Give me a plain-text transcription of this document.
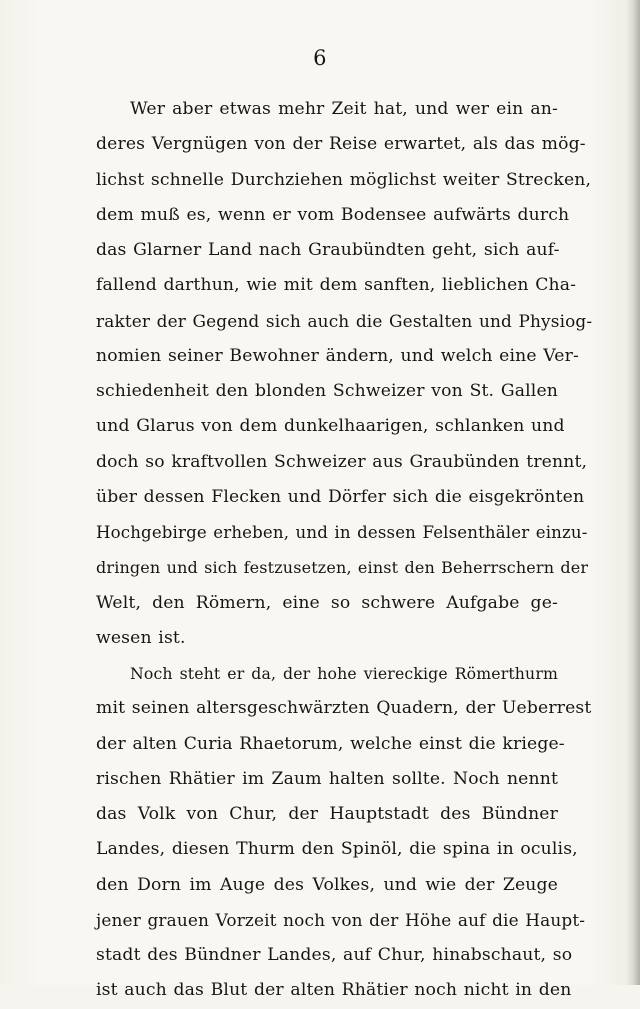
6
Wer aber etwas mehr Zeit hat, und wer ein an-
deres Vergnügen von der Reise erwartet, als das mög-
lichst schnelle Durchziehen möglichst weiter Strecken,
dem muß es, wenn er vom Bodensee aufwärts durch
das Glarner Land nach Graubündten geht, sich auf-
fallend darthun, wie mit dem sanften, lieblichen Cha-
rakter der Gegend sich auch die Gestalten und Physiog-
nomien seiner Bewohner ändern, und welch eine Ver-
schiedenheit den blonden Schweizer von St. Gallen
und Glarus von dem dunkelhaarigen, schlanken und
doch so kraftvollen Schweizer aus Graubünden trennt,
über dessen Flecken und Dörfer sich die eisgekrönten
Hochgebirge erheben, und in dessen Felsenthäler einzu-
dringen und sich festzusetzen, einst den Beherrschern der
Welt, den Römern, eine so schwere Aufgabe ge-
wesen ist.
Noch steht er da, der hohe viereckige Römerthurm
mit seinen altersgeschwärzten Quadern, der Ueberrest
der alten Curia Rhaetorum, welche einst die kriege-
rischen Rhätier im Zaum halten sollte. Noch nennt
das Volk von Chur, der Hauptstadt des Bündner
Landes, diesen Thurm den Spinöl, die spina in oculis,
den Dorn im Auge des Volkes, und wie der Zeuge
jener grauen Vorzeit noch von der Höhe auf die Haupt-
stadt des Bündner Landes, auf Chur, hinabschaut, so
ist auch das Blut der alten Rhätier noch nicht in den
